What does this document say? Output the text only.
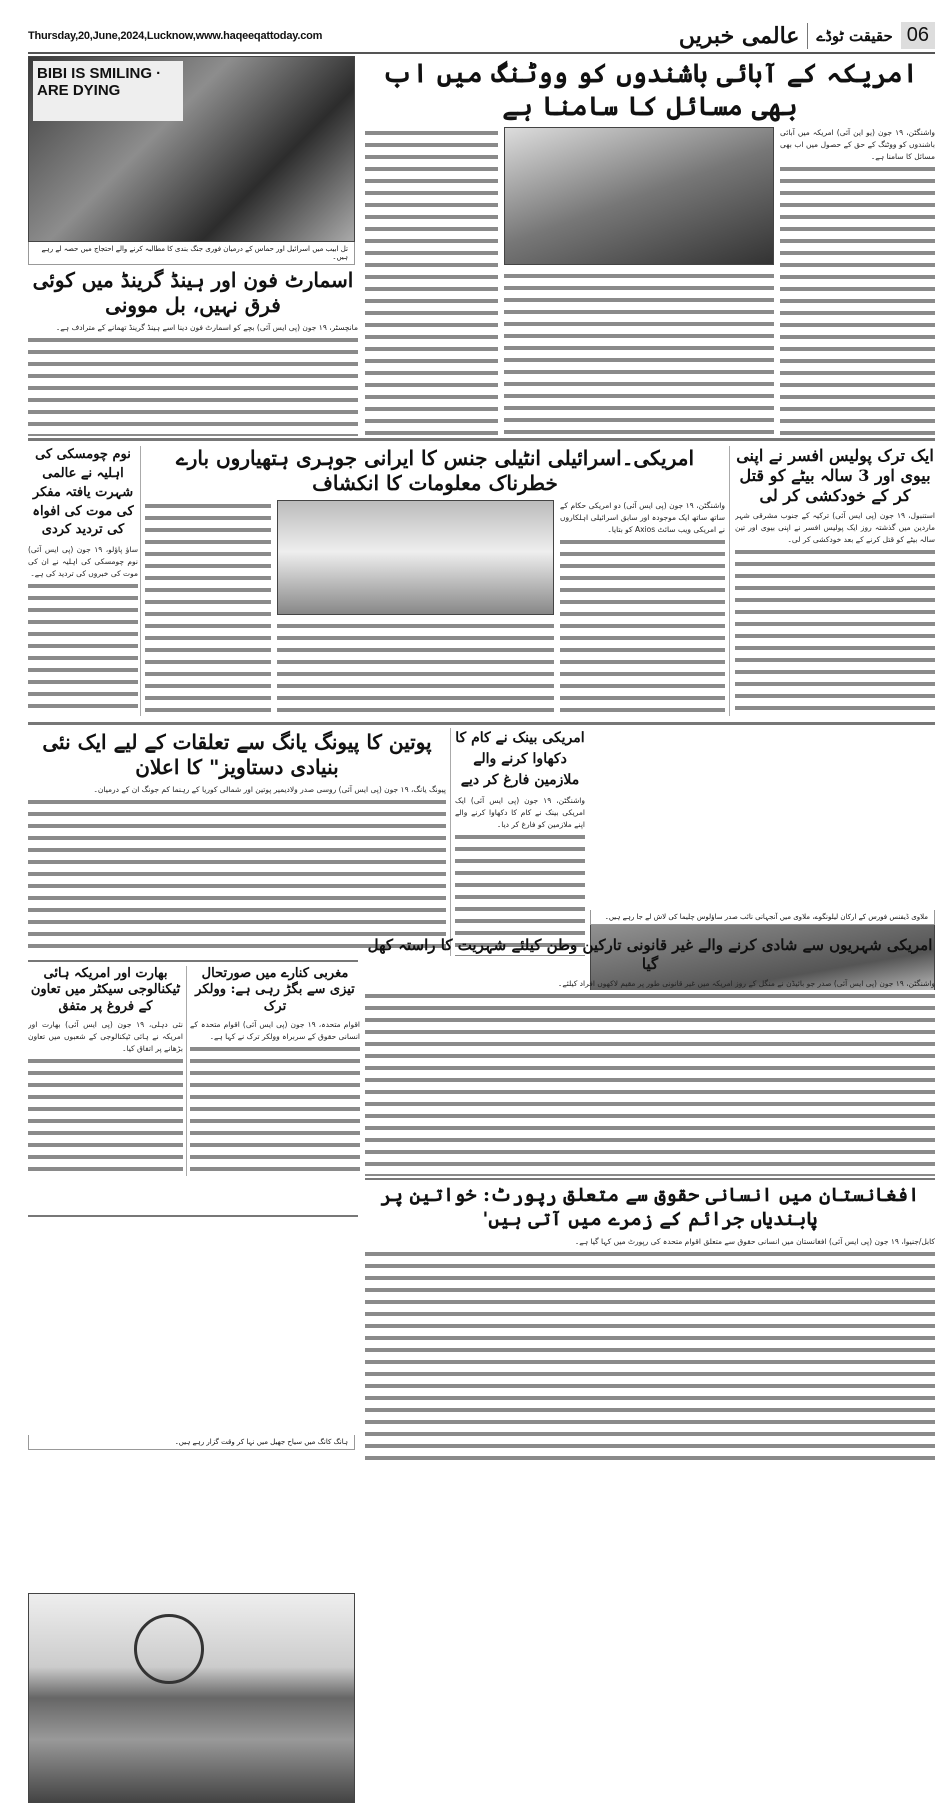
Thursday,20,June,2024,Lucknow,www.haqeeqattoday.com	06
حقیقت ٹوڈے
عالمی خبریں
BIBI IS SMILING · ARE DYING
تل ابیب میں اسرائیل اور حماس کے درمیان فوری جنگ بندی کا مطالبہ کرنے والے احتجاج میں حصہ لے رہے ہیں۔
امریکہ کے آبائی باشندوں کو ووٹنگ میں اب بھی مسائل کا سامنا ہے
واشنگٹن، ۱۹ جون (یو این آئی) امریکہ میں آبائی باشندوں کو ووٹنگ کے حق کے حصول میں اب بھی مسائل کا سامنا ہے۔
اسمارٹ فون اور ہینڈ گرینڈ میں کوئی فرق نہیں، بل موونی
مانچسٹر، ۱۹ جون (پی ایس آئی) بچے کو اسمارٹ فون دینا اسے ہینڈ گرینڈ تھمانے کے مترادف ہے۔
ایک ترک پولیس افسر نے اپنی بیوی اور 3 سالہ بیٹے کو قتل کر کے خودکشی کر لی
استنبول، ۱۹ جون (پی ایس آئی) ترکیہ کے جنوب مشرقی شہر ماردین میں گذشتہ روز ایک پولیس افسر نے اپنی بیوی اور تین سالہ بیٹے کو قتل کرنے کے بعد خودکشی کر لی۔
امریکی۔اسرائیلی انٹیلی جنس کا ایرانی جوہری ہتھیاروں بارے خطرناک معلومات کا انکشاف
واشنگٹن، ۱۹ جون (پی ایس آئی) دو امریکی حکام کے ساتھ ساتھ ایک موجودہ اور سابق اسرائیلی اہلکاروں نے امریکی ویب سائٹ Axios کو بتایا۔
نوم چومسکی کی اہلیہ نے عالمی شہرت یافتہ مفکر کی موت کی افواہ کی تردید کردی
ساؤ پاؤلو، ۱۹ جون (پی ایس آئی) نوم چومسکی کی اہلیہ نے ان کی موت کی خبروں کی تردید کی ہے۔
ملاوی ڈیفنس فورس کے ارکان لیلونگوے، ملاوی میں آنجہانی نائب صدر ساؤلوس چلیما کی لاش لے جا رہے ہیں۔
امریکی بینک نے کام کا دکھاوا کرنے والے ملازمین فارغ کر دیے
واشنگٹن، ۱۹ جون (پی ایس آئی) ایک امریکی بینک نے کام کا دکھاوا کرنے والے اپنے ملازمین کو فارغ کر دیا۔
پوتین کا پیونگ یانگ سے تعلقات کے لیے ایک نئی بنیادی دستاویز" کا اعلان
پیونگ یانگ، ۱۹ جون (پی ایس آئی) روسی صدر ولادیمیر پوتین اور شمالی کوریا کے رہنما کم جونگ ان کے درمیان۔
امریکی شہریوں سے شادی کرنے والے غیر قانونی تارکین وطن کیلئے شہریت کا راستہ کھل گیا
واشنگٹن، ۱۹ جون (پی ایس آئی) صدر جو بائیڈن نے منگل کے روز امریکہ میں غیر قانونی طور پر مقیم لاکھوں افراد کیلئے۔
مغربی کنارے میں صورتحال تیزی سے بگڑ رہی ہے: وولکر ترک
اقوام متحدہ، ۱۹ جون (پی ایس آئی) اقوام متحدہ کے انسانی حقوق کے سربراہ وولکر ترک نے کہا ہے۔
بھارت اور امریکہ ہائی ٹیکنالوجی سیکٹر میں تعاون کے فروغ پر متفق
نئی دہلی، ۱۹ جون (پی ایس آئی) بھارت اور امریکہ نے ہائی ٹیکنالوجی کے شعبوں میں تعاون بڑھانے پر اتفاق کیا۔
افغانستان میں انسانی حقوق سے متعلق رپورٹ: خواتین پر پابندیاں جرائم کے زمرے میں آتی ہیں'
کابل/جنیوا، ۱۹ جون (پی ایس آئی) افغانستان میں انسانی حقوق سے متعلق اقوام متحدہ کی رپورٹ میں کہا گیا ہے۔
ہانگ کانگ میں سیاح جھیل میں نہا کر وقت گزار رہے ہیں۔
